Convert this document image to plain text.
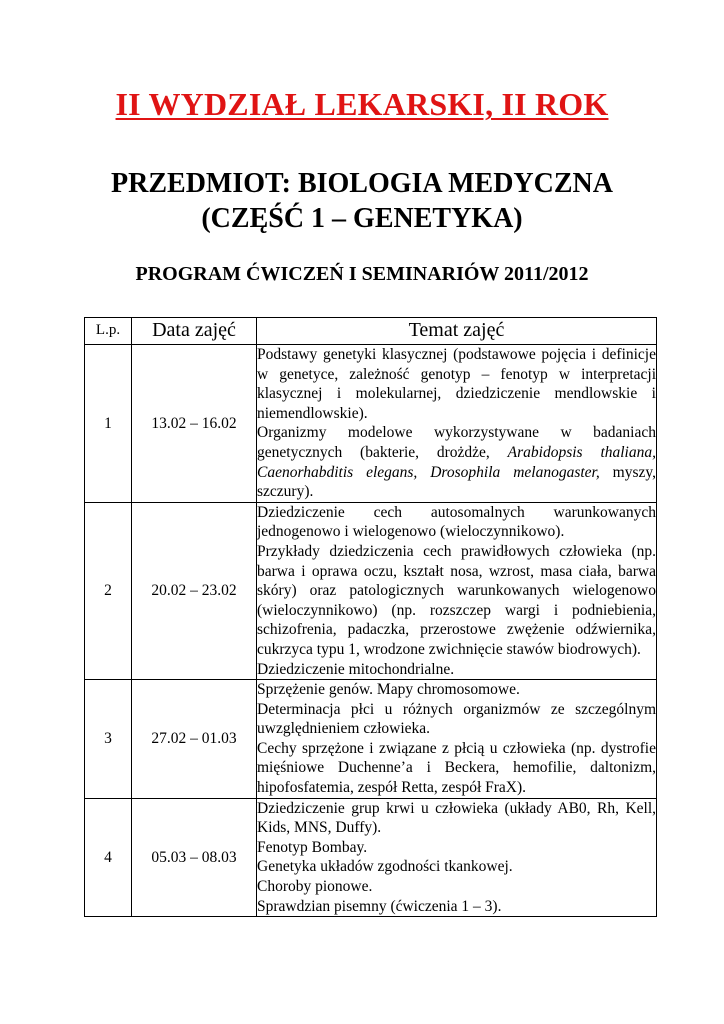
II WYDZIAŁ LEKARSKI, II ROK
PRZEDMIOT: BIOLOGIA MEDYCZNA
(CZĘŚĆ 1 – GENETYKA)
PROGRAM ĆWICZEŃ I SEMINARIÓW 2011/2012
L.p.	Data zajęć	Temat zajęć
1	13.02 – 16.02	Podstawy genetyki klasycznej (podstawowe pojęcia i definicje w genetyce, zależność genotyp – fenotyp w interpretacji klasycznej i molekularnej, dziedziczenie mendlowskie i niemendlowskie).

Organizmy modelowe wykorzystywane w badaniach genetycznych (bakterie, drożdże, Arabidopsis thaliana, Caenorhabditis elegans, Drosophila melanogaster, myszy, szczury).

2	20.02 – 23.02	Dziedziczenie cech autosomalnych warunkowanych jednogenowo i wielogenowo (wieloczynnikowo).

Przykłady dziedziczenia cech prawidłowych człowieka (np. barwa i oprawa oczu, kształt nosa, wzrost, masa ciała, barwa skóry) oraz patologicznych warunkowanych wielogenowo (wieloczynnikowo) (np. rozszczep wargi i podniebienia, schizofrenia, padaczka, przerostowe zwężenie odźwiernika, cukrzyca typu 1, wrodzone zwichnięcie stawów biodrowych).

Dziedziczenie mitochondrialne.

3	27.02 – 01.03	Sprzężenie genów. Mapy chromosomowe.

Determinacja płci u różnych organizmów ze szczególnym uwzględnieniem człowieka.

Cechy sprzężone i związane z płcią u człowieka (np. dystrofie mięśniowe Duchenne’a i Beckera, hemofilie, daltonizm, hipofosfatemia, zespół Retta, zespół FraX).

4	05.03 – 08.03	Dziedziczenie grup krwi u człowieka (układy AB0, Rh, Kell, Kids, MNS, Duffy).

Fenotyp Bombay.

Genetyka układów zgodności tkankowej.

Choroby pionowe.

Sprawdzian pisemny (ćwiczenia 1 – 3).
